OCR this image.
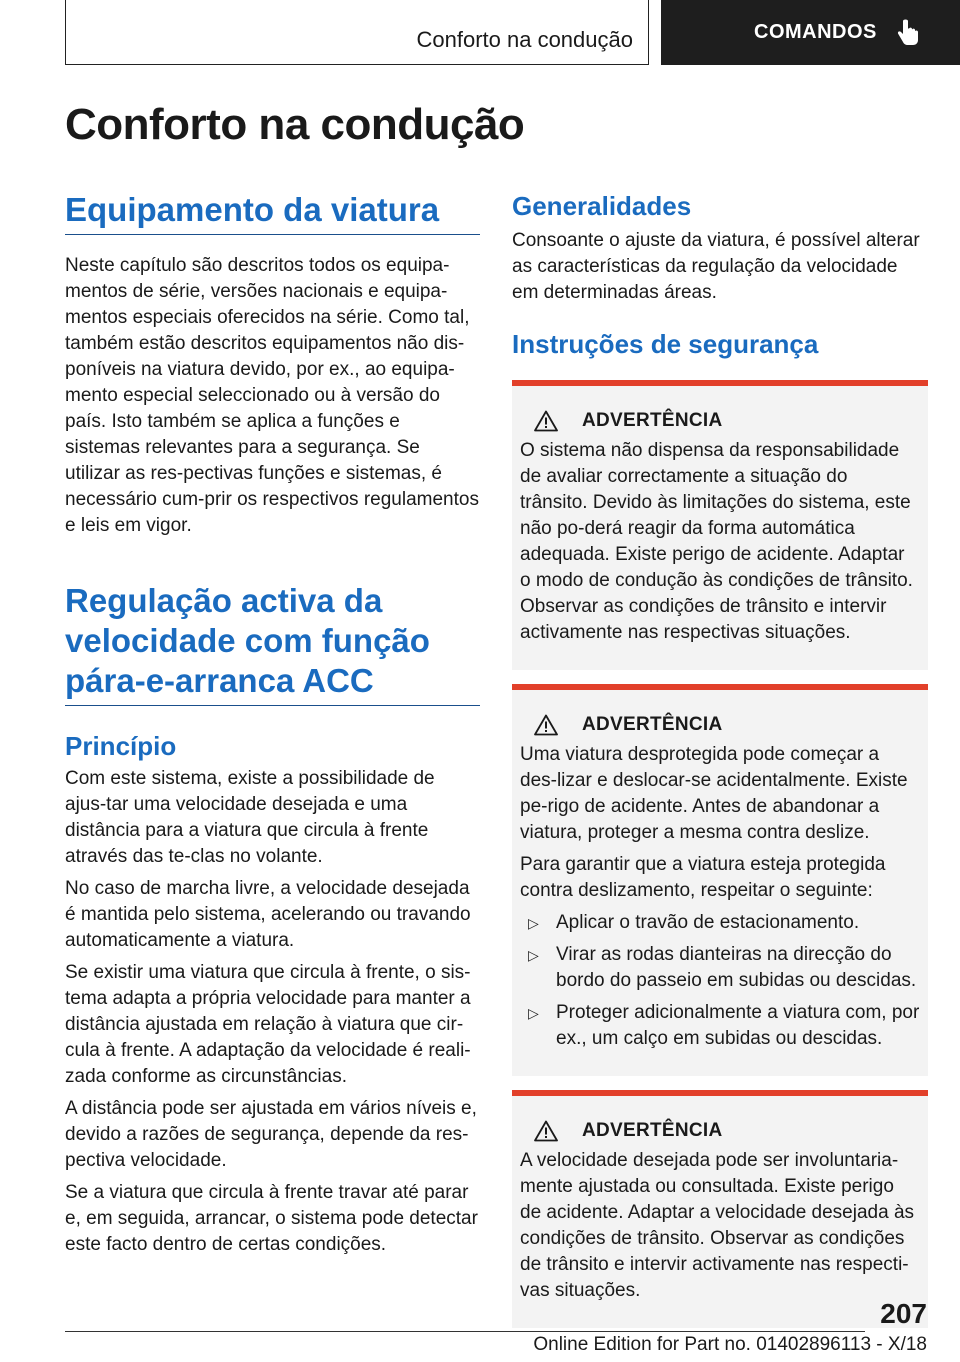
Conforto na condução	COMANDOS
Conforto na condução
Equipamento da viatura
Neste capítulo são descritos todos os equipa-mentos de série, versões nacionais e equipa-mentos especiais oferecidos na série. Como tal, também estão descritos equipamentos não dis-poníveis na viatura devido, por ex., ao equipa-mento especial seleccionado ou à versão do país. Isto também se aplica a funções e sistemas relevantes para a segurança. Se utilizar as res-pectivas funções e sistemas, é necessário cum-prir os respectivos regulamentos e leis em vigor.
Regulação activa da velocidade com função pára-e-arranca ACC
Princípio
Com este sistema, existe a possibilidade de ajus-tar uma velocidade desejada e uma distância para a viatura que circula à frente através das te-clas no volante.
No caso de marcha livre, a velocidade desejada é mantida pelo sistema, acelerando ou travando automaticamente a viatura.
Se existir uma viatura que circula à frente, o sis-tema adapta a própria velocidade para manter a distância ajustada em relação à viatura que cir-cula à frente. A adaptação da velocidade é reali-zada conforme as circunstâncias.
A distância pode ser ajustada em vários níveis e, devido a razões de segurança, depende da res-pectiva velocidade.
Se a viatura que circula à frente travar até parar e, em seguida, arrancar, o sistema pode detectar este facto dentro de certas condições.
Generalidades
Consoante o ajuste da viatura, é possível alterar as características da regulação da velocidade em determinadas áreas.
Instruções de segurança
ADVERTÊNCIA
O sistema não dispensa da responsabilidade de avaliar correctamente a situação do trânsito. Devido às limitações do sistema, este não po-derá reagir da forma automática adequada. Existe perigo de acidente. Adaptar o modo de condução às condições de trânsito. Observar as condições de trânsito e intervir activamente nas respectivas situações.
ADVERTÊNCIA
Uma viatura desprotegida pode começar a des-lizar e deslocar-se acidentalmente. Existe pe-rigo de acidente. Antes de abandonar a viatura, proteger a mesma contra deslize.
Para garantir que a viatura esteja protegida contra deslizamento, respeitar o seguinte:
▷ Aplicar o travão de estacionamento.
▷ Virar as rodas dianteiras na direcção do bordo do passeio em subidas ou descidas.
▷ Proteger adicionalmente a viatura com, por ex., um calço em subidas ou descidas.
ADVERTÊNCIA
A velocidade desejada pode ser involuntaria-mente ajustada ou consultada. Existe perigo de acidente. Adaptar a velocidade desejada às condições de trânsito. Observar as condições de trânsito e intervir activamente nas respecti-vas situações.
207
Online Edition for Part no. 01402896113 - X/18
